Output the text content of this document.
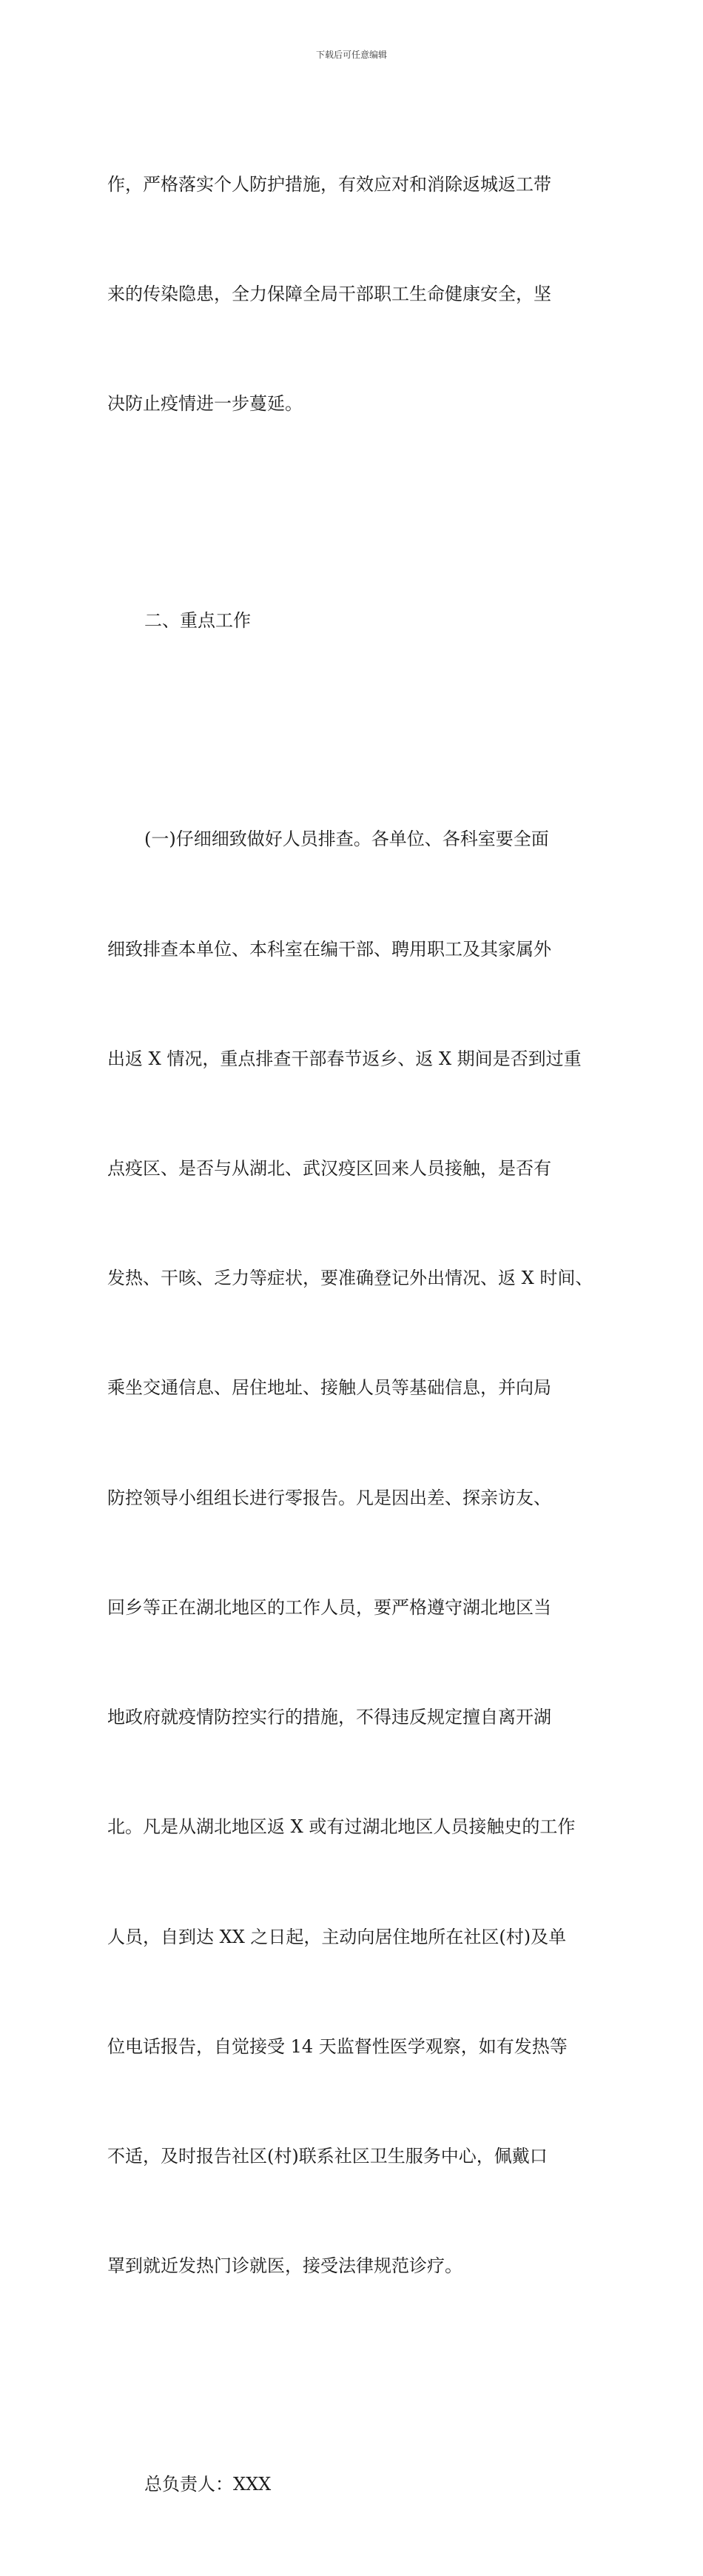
下载后可任意编辑

作，严格落实个人防护措施，有效应对和消除返城返工带

来的传染隐患，全力保障全局干部职工生命健康安全，坚

决防止疫情进一步蔓延。

二、重点工作

(一)仔细细致做好人员排查。各单位、各科室要全面

细致排查本单位、本科室在编干部、聘用职工及其家属外

出返 X 情况，重点排查干部春节返乡、返 X 期间是否到过重

点疫区、是否与从湖北、武汉疫区回来人员接触，是否有

发热、干咳、乏力等症状，要准确登记外出情况、返 X 时间、

乘坐交通信息、居住地址、接触人员等基础信息，并向局

防控领导小组组长进行零报告。凡是因出差、探亲访友、

回乡等正在湖北地区的工作人员，要严格遵守湖北地区当

地政府就疫情防控实行的措施，不得违反规定擅自离开湖

北。凡是从湖北地区返 X 或有过湖北地区人员接触史的工作

人员，自到达 XX 之日起，主动向居住地所在社区(村)及单

位电话报告，自觉接受 14 天监督性医学观察，如有发热等

不适，及时报告社区(村)联系社区卫生服务中心，佩戴口

罩到就近发热门诊就医，接受法律规范诊疗。

总负责人：XXX
